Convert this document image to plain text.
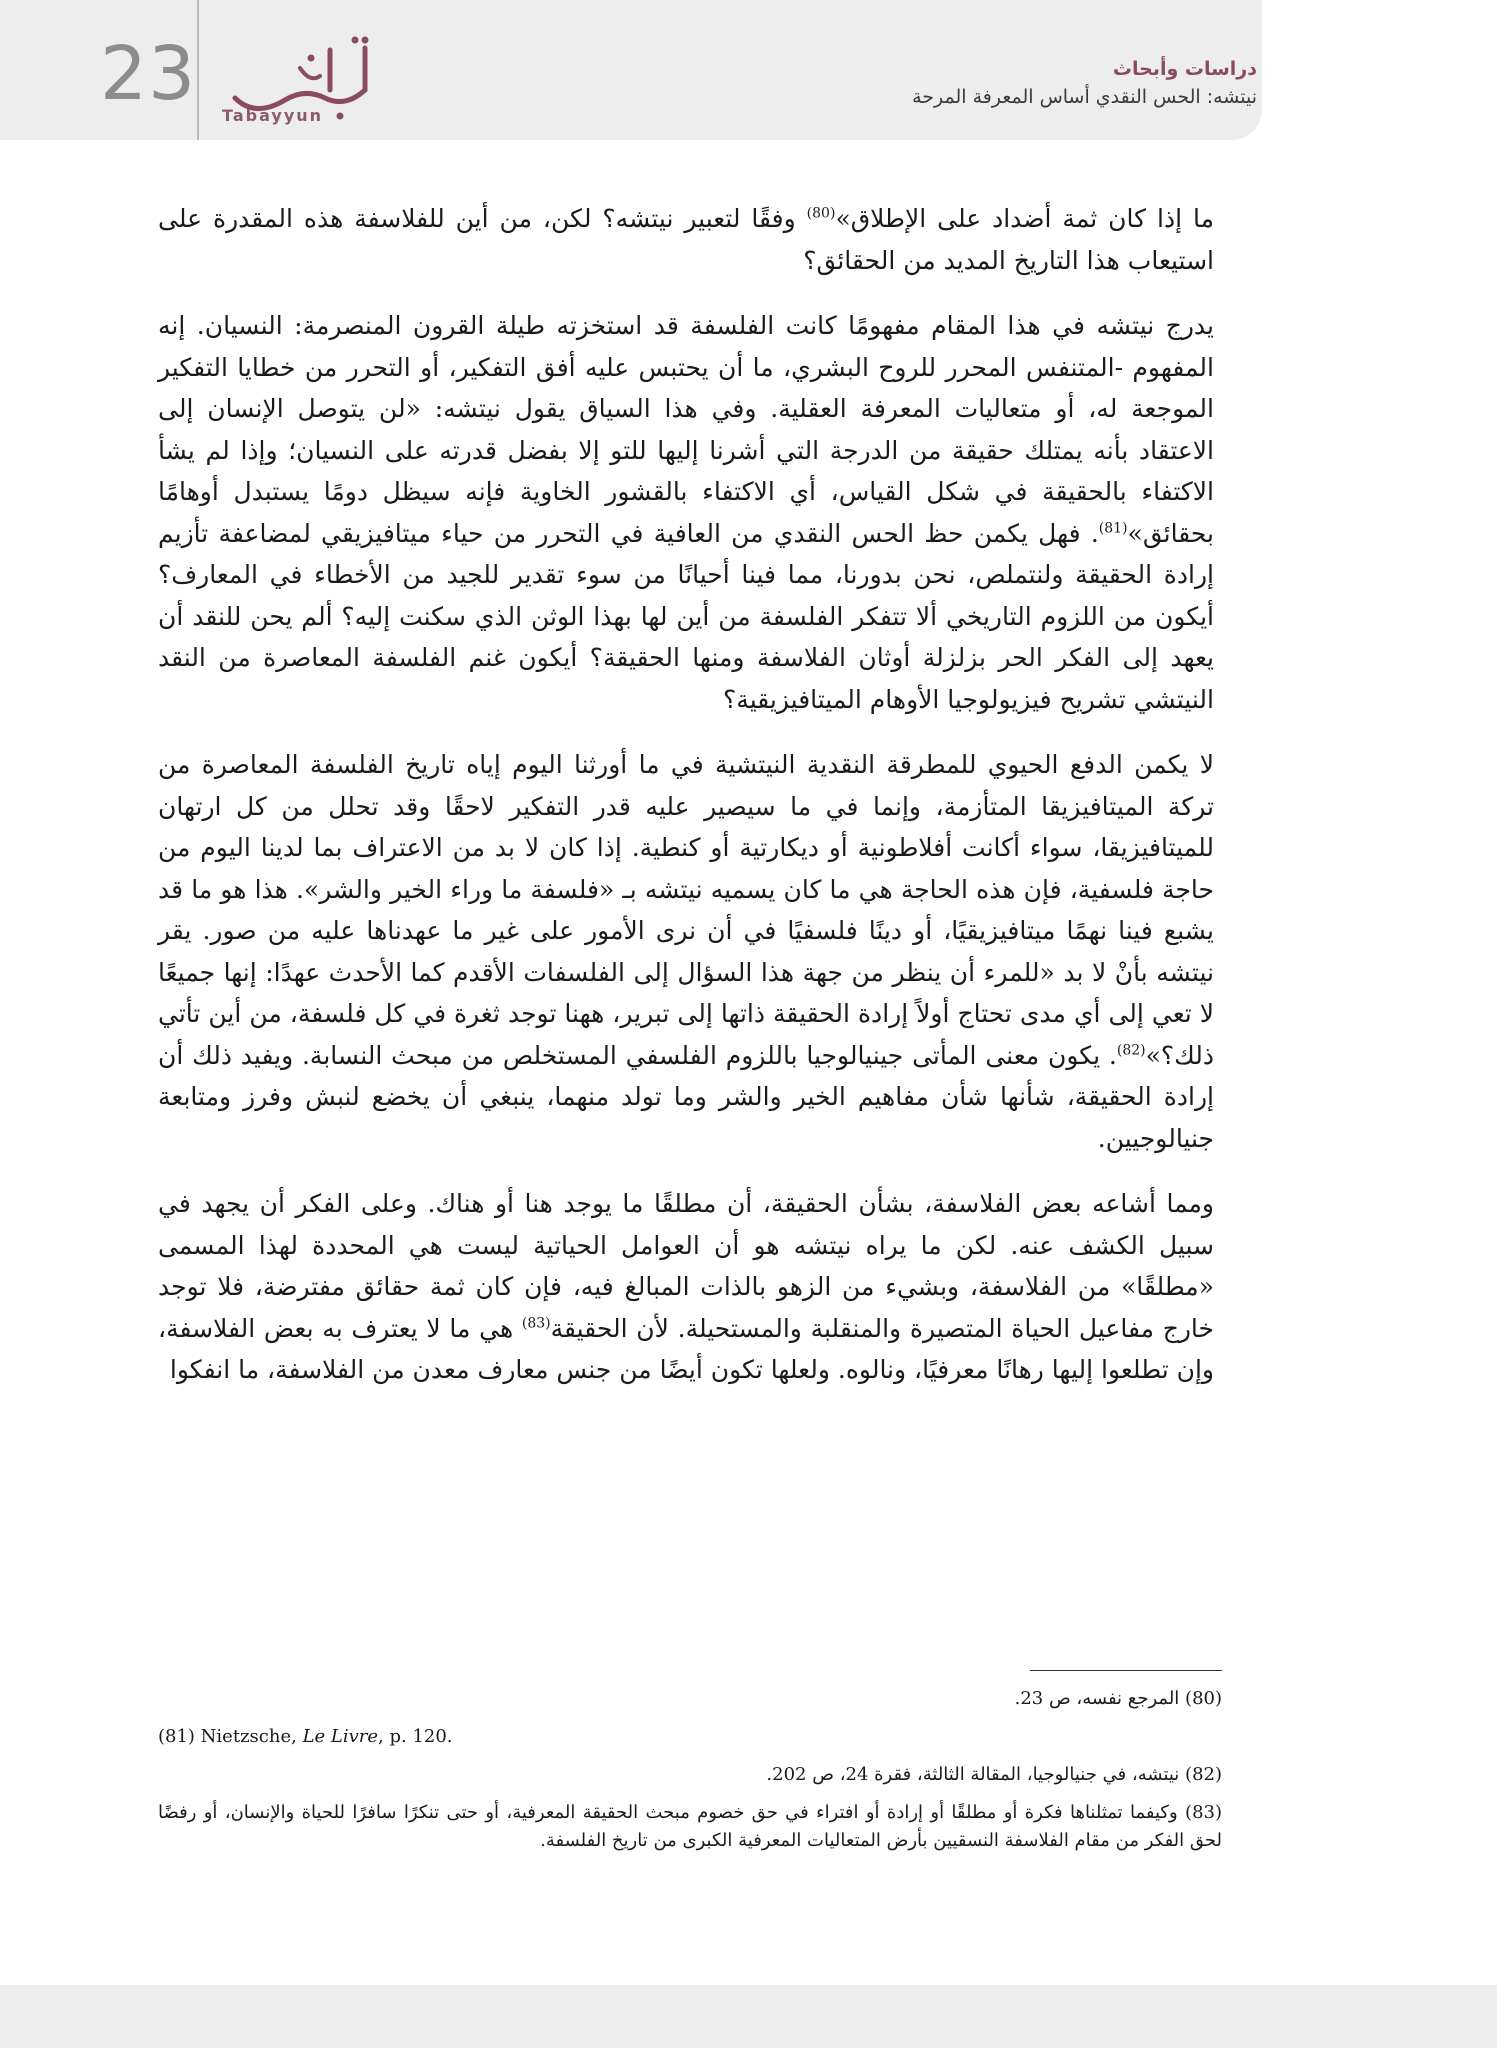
23 Tabayyun
دراسات وأبحاث
نيتشه: الحس النقدي أساس المعرفة المرحة

ما إذا كان ثمة أضداد على الإطلاق»$^{(80)}$ وفقًا لتعبير نيتشه؟ لكن، من أين للفلاسفة هذه المقدرة على استيعاب هذا التاريخ المديد من الحقائق؟

يدرج نيتشه في هذا المقام مفهومًا كانت الفلسفة قد استخزته طيلة القرون المنصرمة: النسيان. إنه المفهوم -المتنفس المحرر للروح البشري، ما أن يحتبس عليه أفق التفكير، أو التحرر من خطايا التفكير الموجعة له، أو متعاليات المعرفة العقلية. وفي هذا السياق يقول نيتشه: «لن يتوصل الإنسان إلى الاعتقاد بأنه يمتلك حقيقة من الدرجة التي أشرنا إليها للتو إلا بفضل قدرته على النسيان؛ وإذا لم يشأ الاكتفاء بالحقيقة في شكل القياس، أي الاكتفاء بالقشور الخاوية فإنه سيظل دومًا يستبدل أوهامًا بحقائق»$^{(81)}$. فهل يكمن حظ الحس النقدي من العافية في التحرر من حياء ميتافيزيقي لمضاعفة تأزيم إرادة الحقيقة ولنتملص، نحن بدورنا، مما فينا أحيانًا من سوء تقدير للجيد من الأخطاء في المعارف؟ أيكون من اللزوم التاريخي ألا تتفكر الفلسفة من أين لها بهذا الوثن الذي سكنت إليه؟ ألم يحن للنقد أن يعهد إلى الفكر الحر بزلزلة أوثان الفلاسفة ومنها الحقيقة؟ أيكون غنم الفلسفة المعاصرة من النقد النيتشي تشريح فيزيولوجيا الأوهام الميتافيزيقية؟

لا يكمن الدفع الحيوي للمطرقة النقدية النيتشية في ما أورثنا اليوم إياه تاريخ الفلسفة المعاصرة من تركة الميتافيزيقا المتأزمة، وإنما في ما سيصير عليه قدر التفكير لاحقًا وقد تحلل من كل ارتهان للميتافيزيقا، سواء أكانت أفلاطونية أو ديكارتية أو كنطية. إذا كان لا بد من الاعتراف بما لدينا اليوم من حاجة فلسفية، فإن هذه الحاجة هي ما كان يسميه نيتشه بـ «فلسفة ما وراء الخير والشر». هذا هو ما قد يشبع فينا نهمًا ميتافيزيقيًا، أو دينًا فلسفيًا في أن نرى الأمور على غير ما عهدناها عليه من صور. يقر نيتشه بأنْ لا بد «للمرء أن ينظر من جهة هذا السؤال إلى الفلسفات الأقدم كما الأحدث عهدًا: إنها جميعًا لا تعي إلى أي مدى تحتاج أولاً إرادة الحقيقة ذاتها إلى تبرير، ههنا توجد ثغرة في كل فلسفة، من أين تأتي ذلك؟»$^{(82)}$. يكون معنى المأتى جينيالوجيا باللزوم الفلسفي المستخلص من مبحث النسابة. ويفيد ذلك أن إرادة الحقيقة، شأنها شأن مفاهيم الخير والشر وما تولد منهما، ينبغي أن يخضع لنبش وفرز ومتابعة جنيالوجيين.

ومما أشاعه بعض الفلاسفة، بشأن الحقيقة، أن مطلقًا ما يوجد هنا أو هناك. وعلى الفكر أن يجهد في سبيل الكشف عنه. لكن ما يراه نيتشه هو أن العوامل الحياتية ليست هي المحددة لهذا المسمى «مطلقًا» من الفلاسفة، وبشيء من الزهو بالذات المبالغ فيه، فإن كان ثمة حقائق مفترضة، فلا توجد خارج مفاعيل الحياة المتصيرة والمنقلبة والمستحيلة. لأن الحقيقة$^{(83)}$ هي ما لا يعترف به بعض الفلاسفة، وإن تطلعوا إليها رهانًا معرفيًا، ونالوه. ولعلها تكون أيضًا من جنس معارف معدن من الفلاسفة، ما انفكوا

(80) المرجع نفسه، ص 23.
(81) Nietzsche, Le Livre, p. 120.
(82) نيتشه، في جنيالوجيا، المقالة الثالثة، فقرة 24، ص 202.
(83) وكيفما تمثلناها فكرة أو مطلقًا أو إرادة أو افتراء في حق خصوم مبحث الحقيقة المعرفية، أو حتى تنكرًا سافرًا للحياة والإنسان، أو رفضًا لحق الفكر من مقام الفلاسفة النسقيين بأرض المتعاليات المعرفية الكبرى من تاريخ الفلسفة.
